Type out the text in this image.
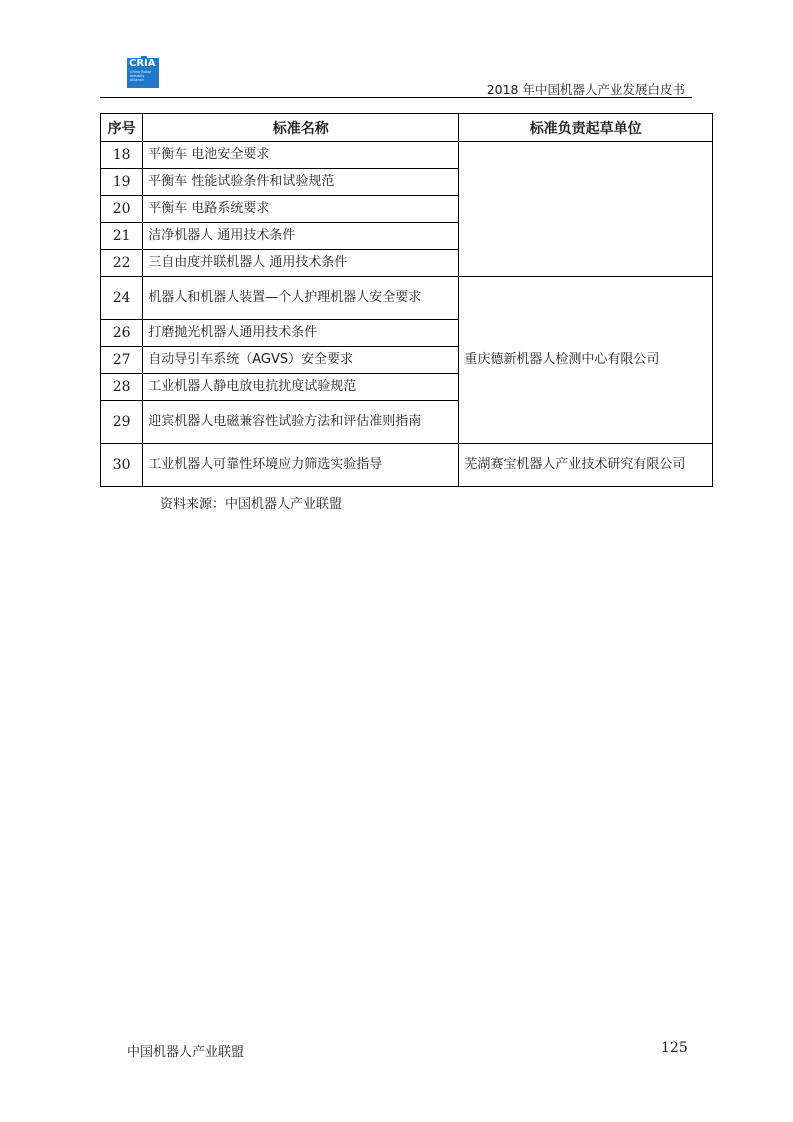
CRIA
China Robot Industry Alliance
2018 年中国机器人产业发展白皮书
序号	标准名称	标准负责起草单位
18	平衡车 电池安全要求	
19	平衡车 性能试验条件和试验规范	
20	平衡车 电路系统要求	
21	洁净机器人 通用技术条件	
22	三自由度并联机器人 通用技术条件	
24	机器人和机器人装置—个人护理机器人安全要求	重庆德新机器人检测中心有限公司
26	打磨抛光机器人通用技术条件	
27	自动导引车系统（AGVS）安全要求	
28	工业机器人静电放电抗扰度试验规范	
29	迎宾机器人电磁兼容性试验方法和评估准则指南	
30	工业机器人可靠性环境应力筛选实验指导	芜湖赛宝机器人产业技术研究有限公司
资料来源：中国机器人产业联盟
中国机器人产业联盟	125
